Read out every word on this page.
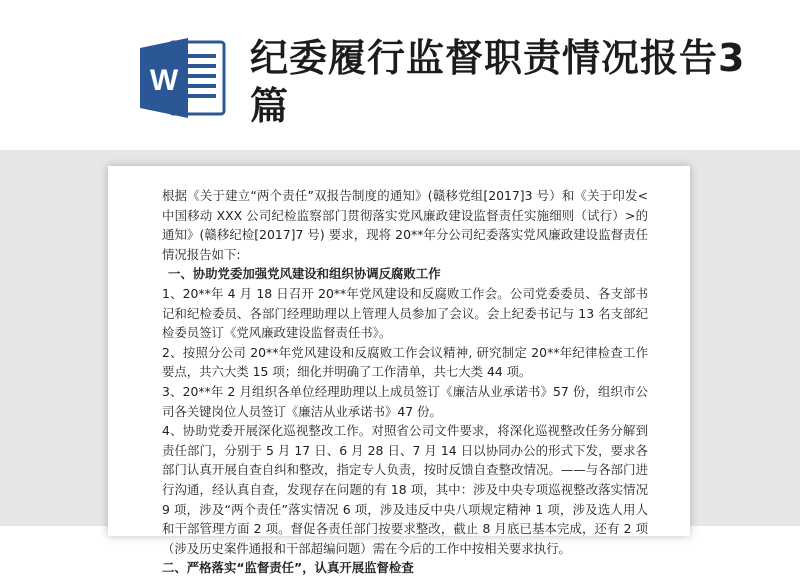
W
纪委履行监督职责情况报告3篇

根据《关于建立“两个责任”双报告制度的通知》(赣移党组[2017]3 号）和《关于印发<中国移动 XXX 公司纪检监察部门贯彻落实党风廉政建设监督责任实施细则（试行）>的通知》(赣移纪检[2017]7 号) 要求，现将 20**年分公司纪委落实党风廉政建设监督责任情况报告如下:

一、协助党委加强党风建设和组织协调反腐败工作

1、20**年 4 月 18 日召开 20**年党风建设和反腐败工作会。公司党委委员、各支部书记和纪检委员、各部门经理助理以上管理人员参加了会议。会上纪委书记与 13 名支部纪检委员签订《党风廉政建设监督责任书》。

2、按照分公司 20**年党风建设和反腐败工作会议精神, 研究制定 20**年纪律检查工作要点，共六大类 15 项；细化并明确了工作清单，共七大类 44 项。

3、20**年 2 月组织各单位经理助理以上成员签订《廉洁从业承诺书》57 份，组织市公司各关键岗位人员签订《廉洁从业承诺书》47 份。

4、协助党委开展深化巡视整改工作。对照省公司文件要求，将深化巡视整改任务分解到责任部门，分别于 5 月 17 日、6 月 28 日、7 月 14 日以协同办公的形式下发，要求各部门认真开展自查自纠和整改，指定专人负责，按时反馈自查整改情况。——与各部门进行沟通，经认真自查，发现存在问题的有 18 项，其中：涉及中央专项巡视整改落实情况 9 项，涉及“两个责任”落实情况 6 项，涉及违反中央八项规定精神 1 项，涉及选人用人和干部管理方面 2 项。督促各责任部门按要求整改，截止 8 月底已基本完成，还有 2 项（涉及历史案件通报和干部超编问题）需在今后的工作中按相关要求执行。

二、严格落实“监督责任”，认真开展监督检查
